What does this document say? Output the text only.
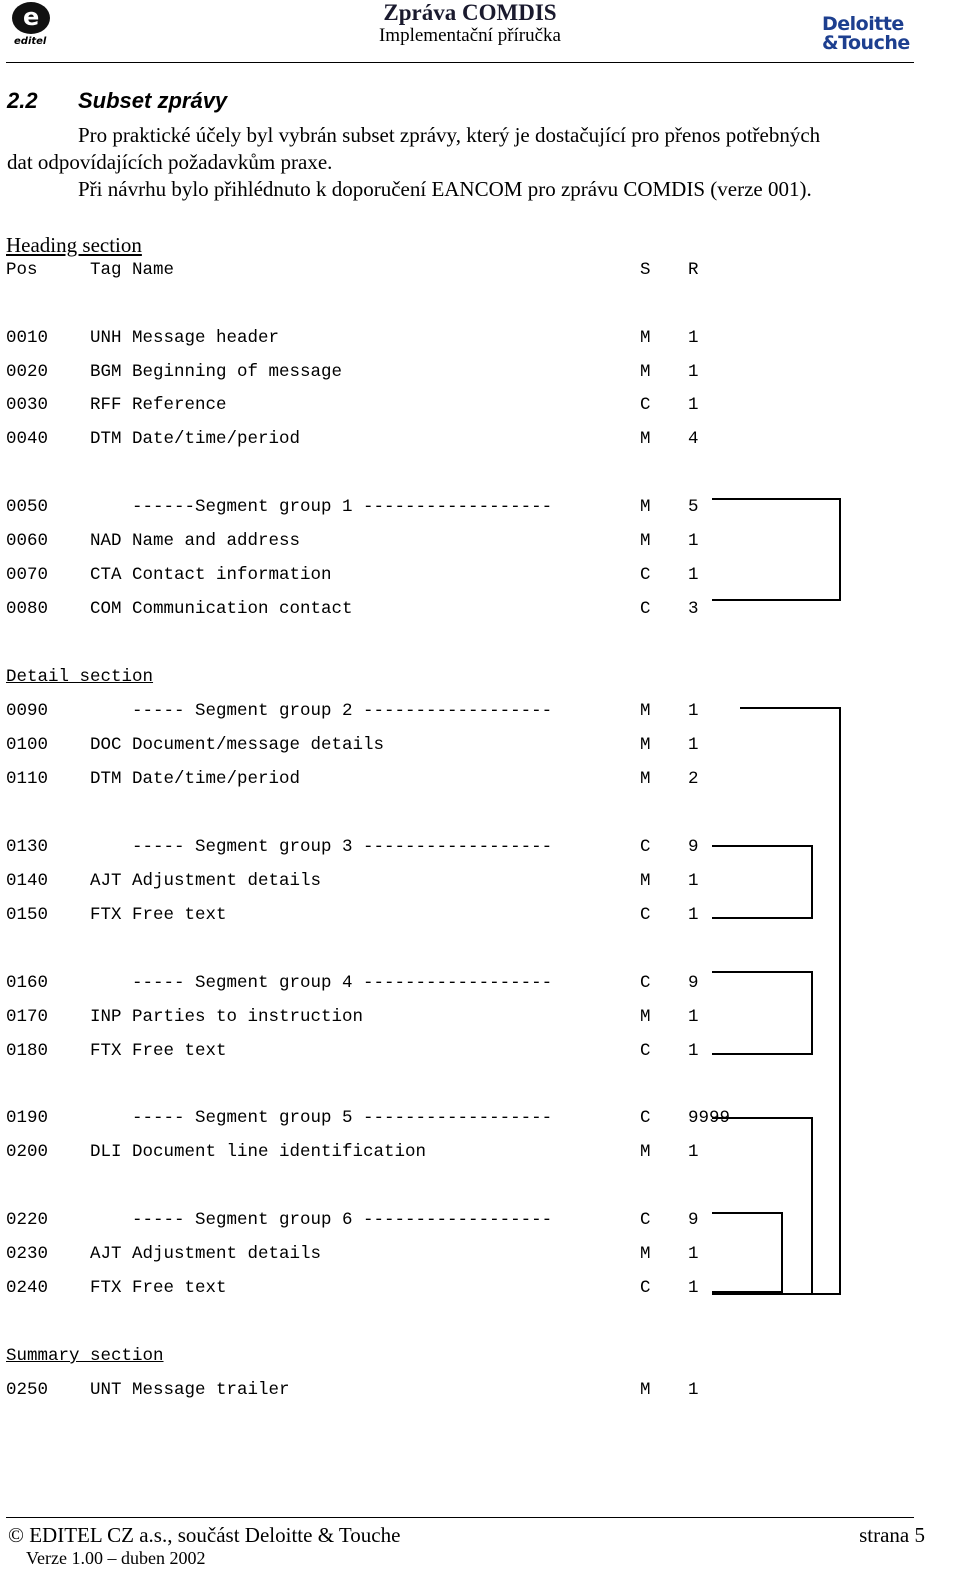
e
editel
Zpráva COMDIS
Implementační příručka
Deloitte
&Touche
2.2 Subset zprávy
Pro praktické účely byl vybrán subset zprávy, který je dostačující pro přenos potřebných
dat odpovídajících požadavkům praxe.
Při návrhu bylo přihlédnuto k doporučení EANCOM pro zprávu COMDIS (verze 001).
Heading section
Pos	Tag Name	S R
Detail section
Summary section
0010 UNH Message header	M 1
0020 BGM Beginning of message	M 1
0030 RFF Reference	C 1
0040 DTM Date/time/period	M 4
0050 ------Segment group 1 ------------------	M 5
0060 NAD Name and address	M 1
0070 CTA Contact information	C 1
0080 COM Communication contact	C 3
0090 ----- Segment group 2 ------------------	M 1
0100 DOC Document/message details	M 1
0110 DTM Date/time/period	M 2
0130 ----- Segment group 3 ------------------	C 9
0140 AJT Adjustment details	M 1
0150 FTX Free text	C 1
0160 ----- Segment group 4 ------------------	C 9
0170 INP Parties to instruction	M 1
0180 FTX Free text	C 1
0190 ----- Segment group 5 ------------------	C 9999
0200 DLI Document line identification	M 1
0220 ----- Segment group 6 ------------------	C 9
0230 AJT Adjustment details	M 1
0240 FTX Free text	C 1
0250 UNT Message trailer	M 1
© EDITEL CZ a.s., součást Deloitte & Touche	strana 5
Verze 1.00 – duben 2002
